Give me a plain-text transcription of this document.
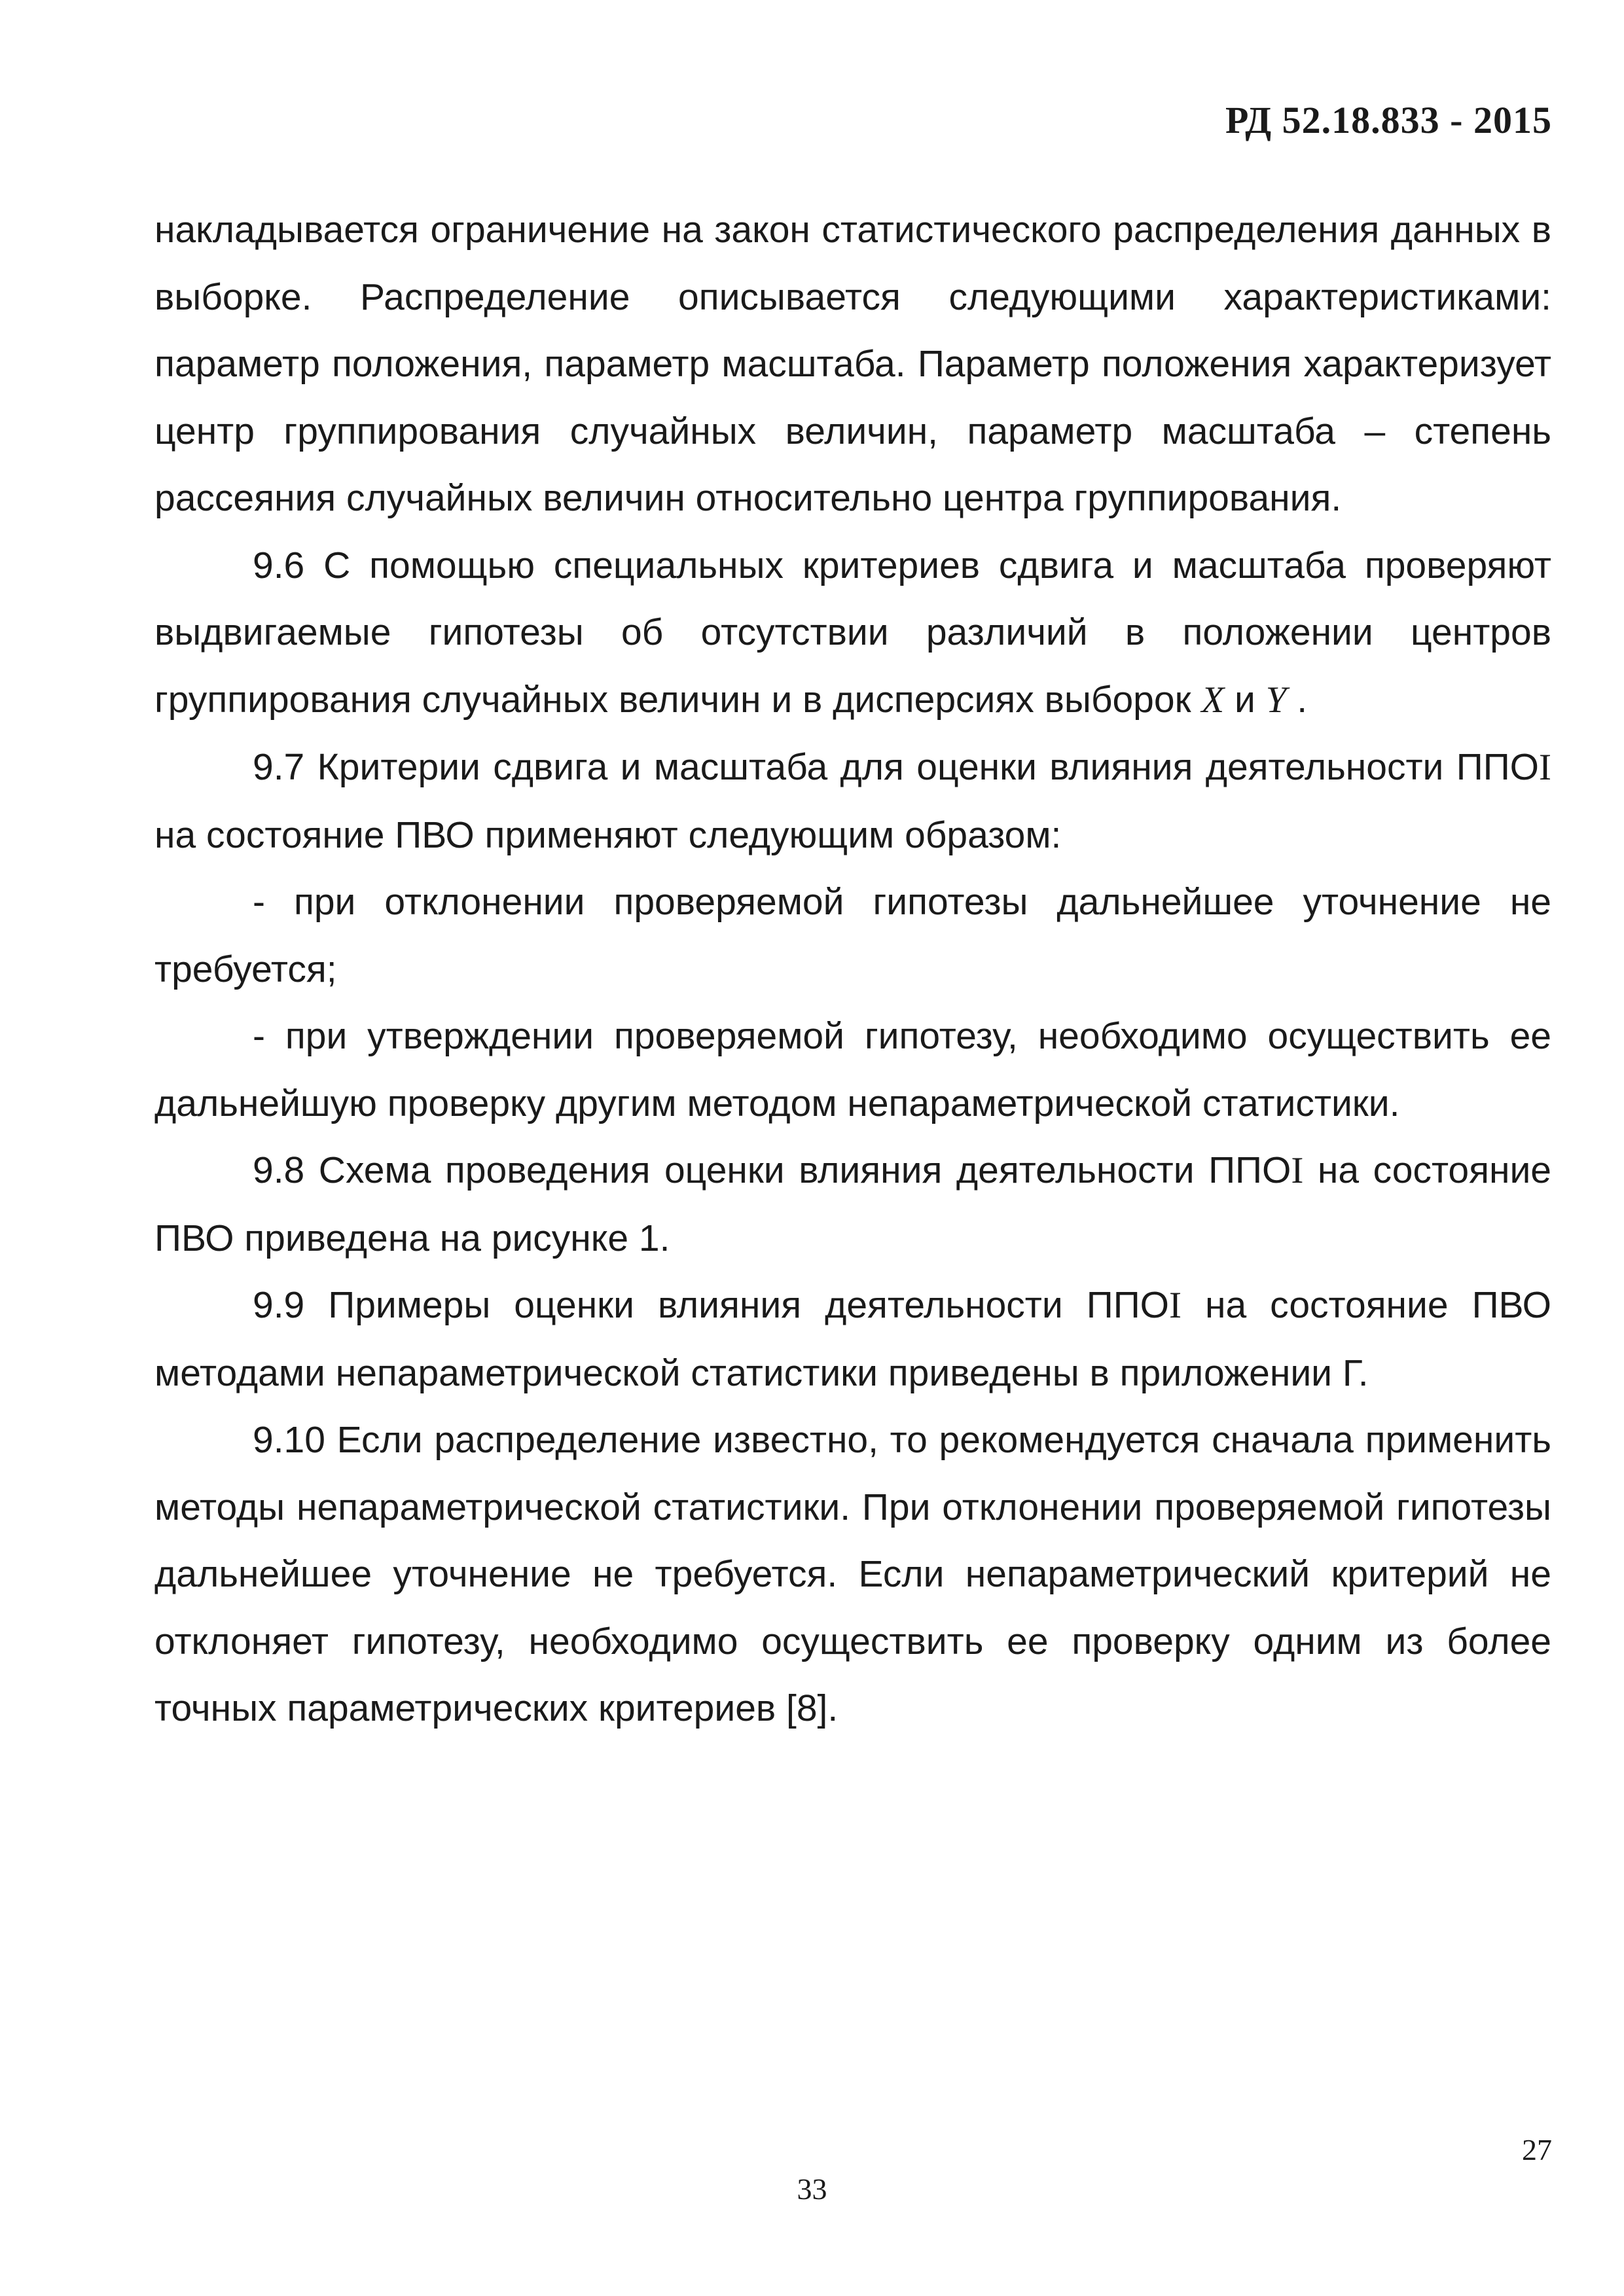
РД 52.18.833 - 2015

накладывается ограничение на закон статистического распределения данных в выборке. Распределение описывается следующими характеристиками: параметр положения, параметр масштаба. Параметр положения характеризует центр группирования случайных величин, параметр масштаба – степень рассеяния случайных величин относительно центра группирования.

9.6 С помощью специальных критериев сдвига и масштаба проверяют выдвигаемые гипотезы об отсутствии различий в положении центров группирования случайных величин и в дисперсиях выборок X и Y .

9.7 Критерии сдвига и масштаба для оценки влияния деятельности ППОI на состояние ПВО применяют следующим образом:

- при отклонении проверяемой гипотезы дальнейшее уточнение не требуется;

- при утверждении проверяемой гипотезу, необходимо осуществить ее дальнейшую проверку другим методом непараметрической статистики.

9.8 Схема проведения оценки влияния деятельности ППОI на состояние ПВО приведена на рисунке 1.

9.9 Примеры оценки влияния деятельности ППОI на состояние ПВО методами непараметрической статистики приведены в приложении Г.

9.10 Если распределение известно, то рекомендуется сначала применить методы непараметрической статистики. При отклонении проверяемой гипотезы дальнейшее уточнение не требуется. Если непараметрический критерий не отклоняет гипотезу, необходимо осуществить ее проверку одним из более точных параметрических критериев [8].

27
33
